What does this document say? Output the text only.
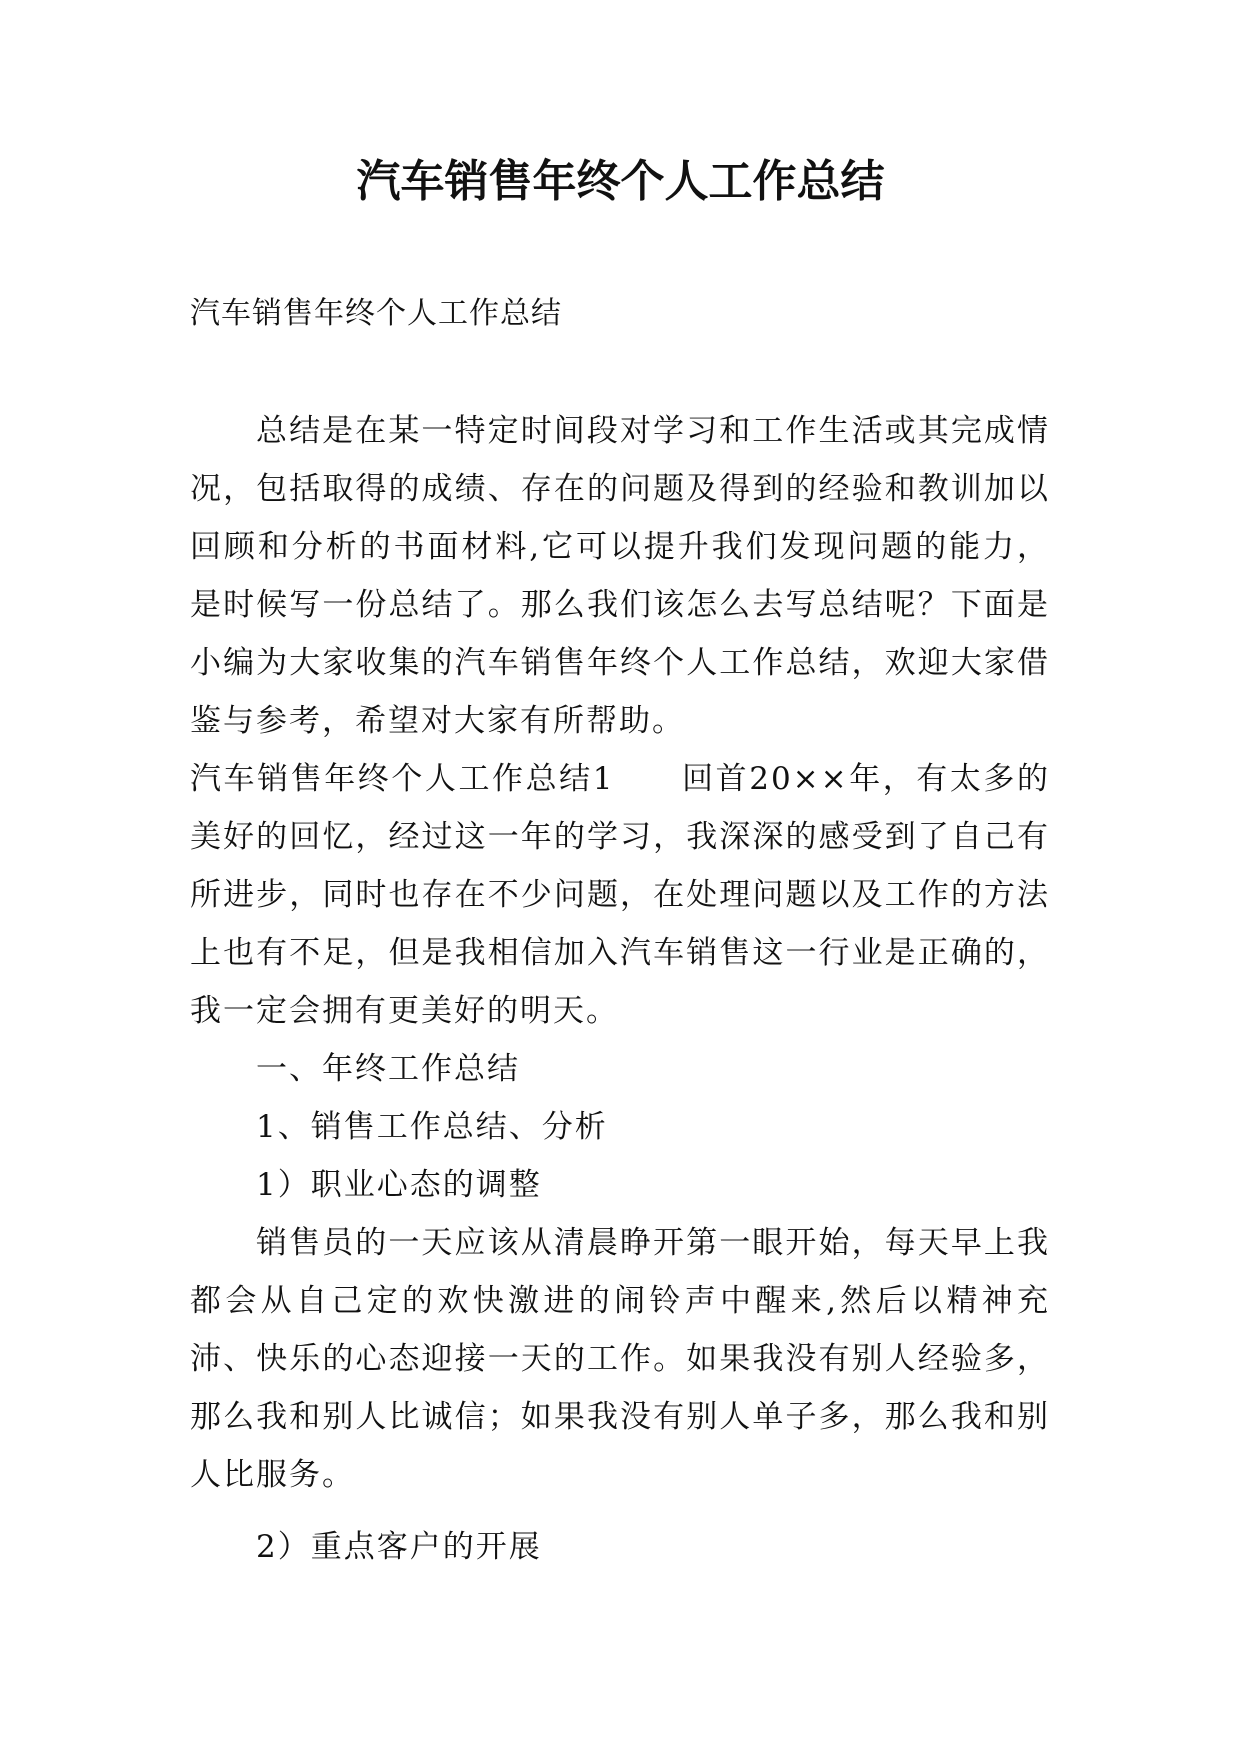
汽车销售年终个人工作总结
汽车销售年终个人工作总结

总结是在某一特定时间段对学习和工作生活或其完成情况，包括取得的成绩、存在的问题及得到的经验和教训加以回顾和分析的书面材料,它可以提升我们发现问题的能力，是时候写一份总结了。那么我们该怎么去写总结呢？下面是小编为大家收集的汽车销售年终个人工作总结，欢迎大家借鉴与参考，希望对大家有所帮助。

汽车销售年终个人工作总结1　　回首20××年，有太多的美好的回忆，经过这一年的学习，我深深的感受到了自己有所进步，同时也存在不少问题，在处理问题以及工作的方法上也有不足，但是我相信加入汽车销售这一行业是正确的，我一定会拥有更美好的明天。

一、年终工作总结

1、销售工作总结、分析

1）职业心态的调整

销售员的一天应该从清晨睁开第一眼开始，每天早上我都会从自己定的欢快激进的闹铃声中醒来,然后以精神充沛、快乐的心态迎接一天的工作。如果我没有别人经验多，那么我和别人比诚信；如果我没有别人单子多，那么我和别人比服务。

2）重点客户的开展
